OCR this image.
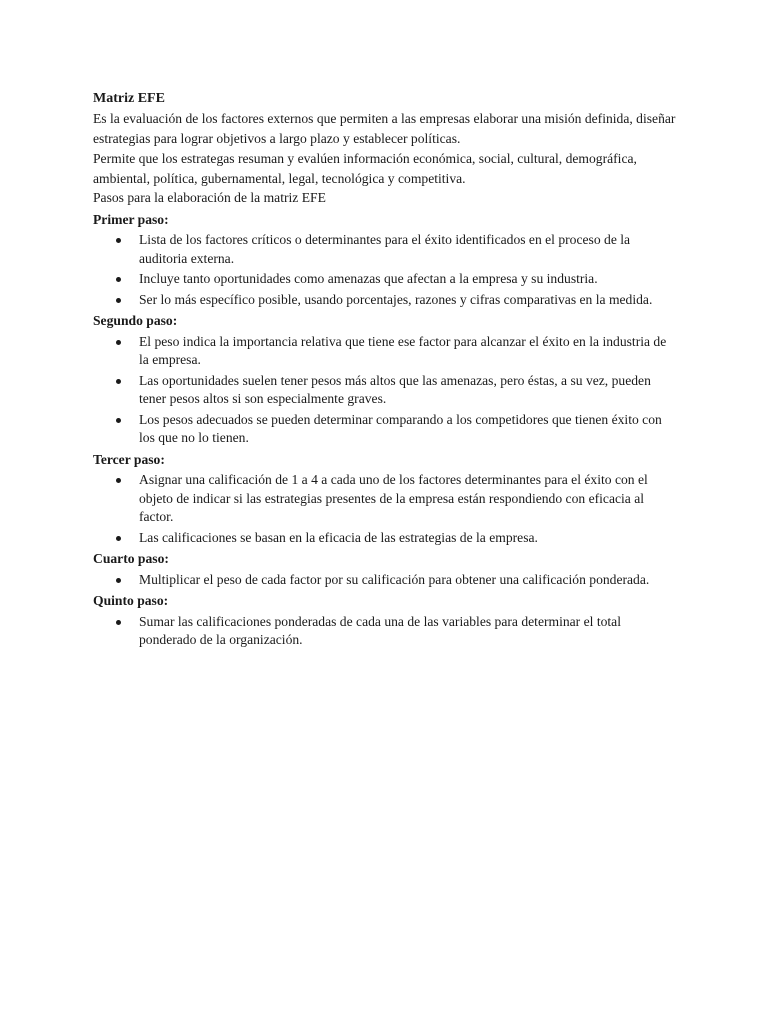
Matriz EFE

Es la evaluación de los factores externos que permiten a las empresas elaborar una misión definida, diseñar estrategias para lograr objetivos a largo plazo y establecer políticas.

Permite que los estrategas resuman y evalúen información económica, social, cultural, demográfica, ambiental, política, gubernamental, legal, tecnológica y competitiva.

Pasos para la elaboración de la matriz EFE

Primer paso:
Lista de los factores críticos o determinantes para el éxito identificados en el proceso de la auditoria externa.
Incluye tanto oportunidades como amenazas que afectan a la empresa y su industria.
Ser lo más específico posible, usando porcentajes, razones y cifras comparativas en la medida.
Segundo paso:
El peso indica la importancia relativa que tiene ese factor para alcanzar el éxito en la industria de la empresa.
Las oportunidades suelen tener pesos más altos que las amenazas, pero éstas, a su vez, pueden tener pesos altos si son especialmente graves.
Los pesos adecuados se pueden determinar comparando a los competidores que tienen éxito con los que no lo tienen.
Tercer paso:
Asignar una calificación de 1 a 4 a cada uno de los factores determinantes para el éxito con el objeto de indicar si las estrategias presentes de la empresa están respondiendo con eficacia al factor.
Las calificaciones se basan en la eficacia de las estrategias de la empresa.
Cuarto paso:
Multiplicar el peso de cada factor por su calificación para obtener una calificación ponderada.
Quinto paso:
Sumar las calificaciones ponderadas de cada una de las variables para determinar el total ponderado de la organización.
